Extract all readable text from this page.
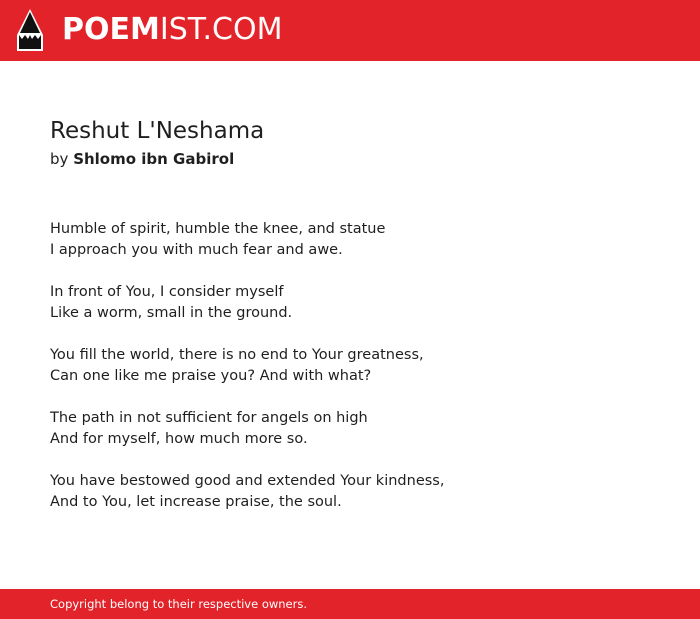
POEMIST.COM
Reshut L'Neshama
by Shlomo ibn Gabirol

Humble of spirit, humble the knee, and statue
I approach you with much fear and awe.

In front of You, I consider myself
Like a worm, small in the ground.

You fill the world, there is no end to Your greatness,
Can one like me praise you? And with what?

The path in not sufficient for angels on high
And for myself, how much more so.

You have bestowed good and extended Your kindness,
And to You, let increase praise, the soul.

Copyright belong to their respective owners.
